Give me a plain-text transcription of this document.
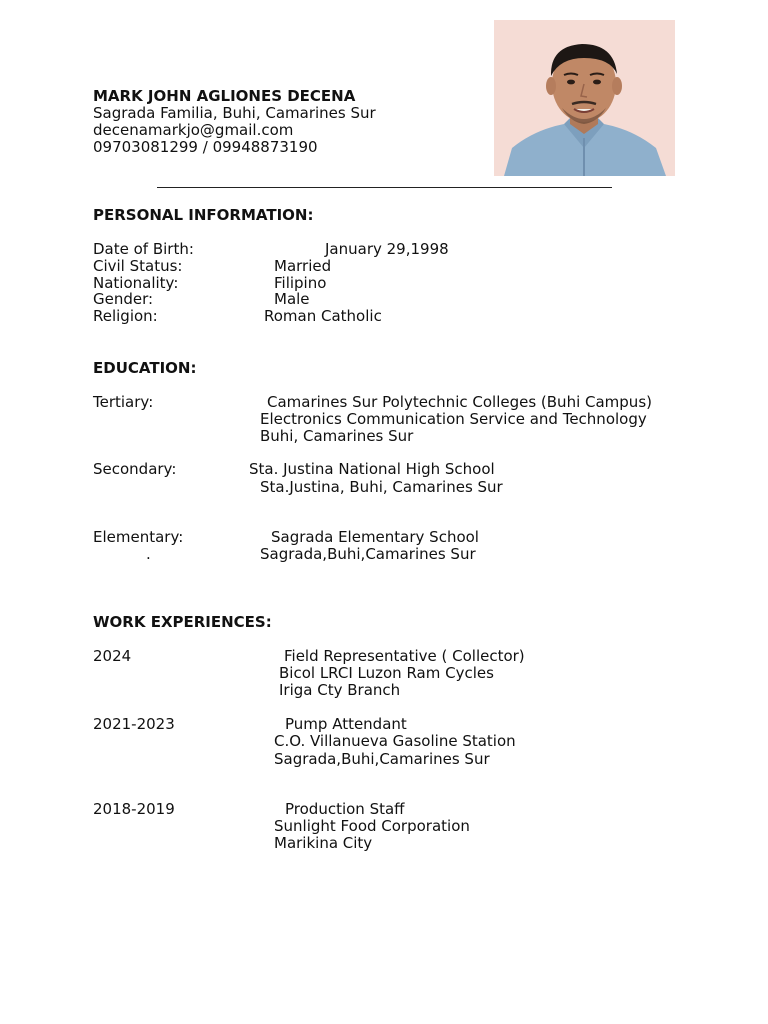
MARK JOHN AGLIONES DECENA
Sagrada Familia, Buhi, Camarines Sur
decenamarkjo@gmail.com
09703081299 / 09948873190
PERSONAL INFORMATION:
Date of Birth:	January 29,1998
Civil Status:	Married
Nationality:	Filipino
Gender:	Male
Religion:	Roman Catholic
EDUCATION:
Tertiary:	Camarines Sur Polytechnic Colleges (Buhi Campus)
Electronics Communication Service and Technology
Buhi, Camarines Sur
Secondary:	Sta. Justina National High School
Sta.Justina, Buhi, Camarines Sur
Elementary:	Sagrada Elementary School
.	Sagrada,Buhi,Camarines Sur
WORK EXPERIENCES:
2024	Field Representative ( Collector)
Bicol LRCI Luzon Ram Cycles
Iriga Cty Branch
2021-2023	Pump Attendant
C.O. Villanueva Gasoline Station
Sagrada,Buhi,Camarines Sur
2018-2019	Production Staff
Sunlight Food Corporation
Marikina City
